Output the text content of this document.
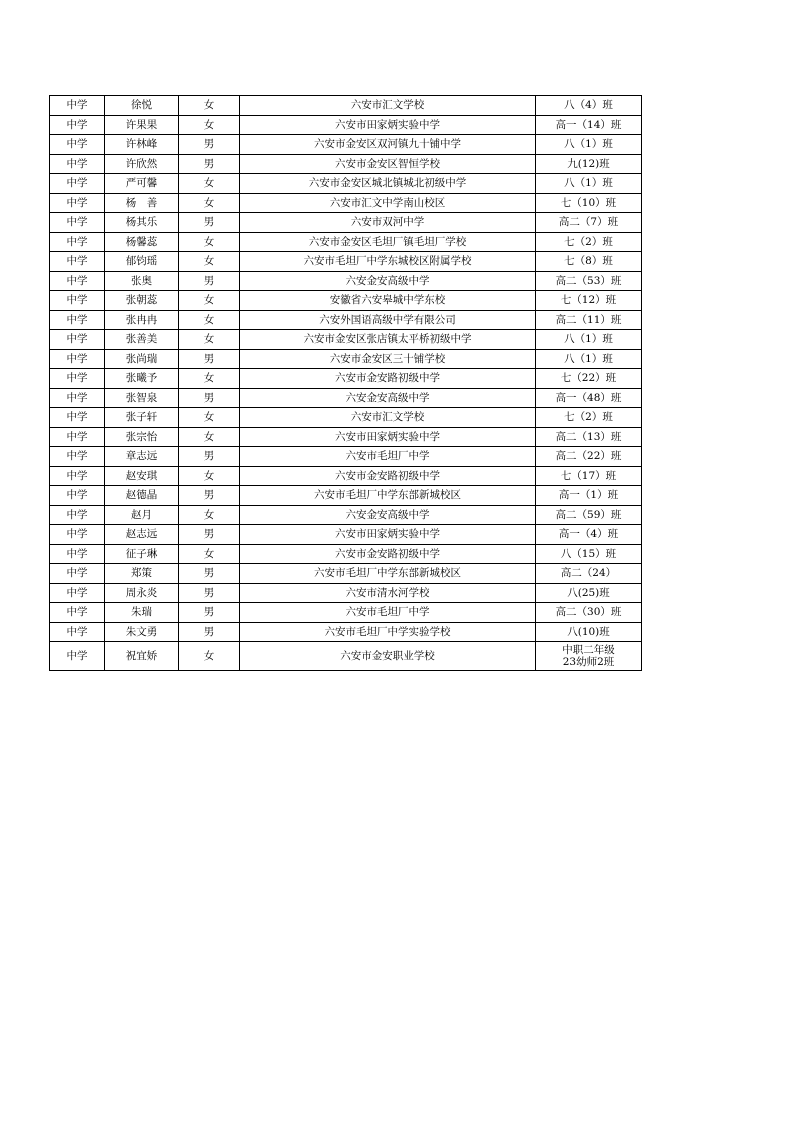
中学	徐悦	女	六安市汇文学校	八（4）班
中学	许果果	女	六安市田家炳实验中学	高一（14）班
中学	许林峰	男	六安市金安区双河镇九十铺中学	八（1）班
中学	许欣然	男	六安市金安区智恒学校	九(12)班
中学	严可馨	女	六安市金安区城北镇城北初级中学	八（1）班
中学	杨　善	女	六安市汇文中学南山校区	七（10）班
中学	杨其乐	男	六安市双河中学	高二（7）班
中学	杨馨蕊	女	六安市金安区毛坦厂镇毛坦厂学校	七（2）班
中学	郁钧瑶	女	六安市毛坦厂中学东城校区附属学校	七（8）班
中学	张奥	男	六安金安高级中学	高二（53）班
中学	张朝蕊	女	安徽省六安皋城中学东校	七（12）班
中学	张冉冉	女	六安外国语高级中学有限公司	高二（11）班
中学	张善美	女	六安市金安区张店镇太平桥初级中学	八（1）班
中学	张尚瑞	男	六安市金安区三十铺学校	八（1）班
中学	张曦予	女	六安市金安路初级中学	七（22）班
中学	张智泉	男	六安金安高级中学	高一（48）班
中学	张子轩	女	六安市汇文学校	七（2）班
中学	张宗怡	女	六安市田家炳实验中学	高二（13）班
中学	章志远	男	六安市毛坦厂中学	高二（22）班
中学	赵安琪	女	六安市金安路初级中学	七（17）班
中学	赵德晶	男	六安市毛坦厂中学东部新城校区	高一（1）班
中学	赵月	女	六安金安高级中学	高二（59）班
中学	赵志远	男	六安市田家炳实验中学	高一（4）班
中学	征子琳	女	六安市金安路初级中学	八（15）班
中学	郑策	男	六安市毛坦厂中学东部新城校区	高二（24）
中学	周永炎	男	六安市清水河学校	八(25)班
中学	朱瑞	男	六安市毛坦厂中学	高二（30）班
中学	朱文勇	男	六安市毛坦厂中学实验学校	八(10)班
中学	祝宜娇	女	六安市金安职业学校	中职二年级
23幼师2班
